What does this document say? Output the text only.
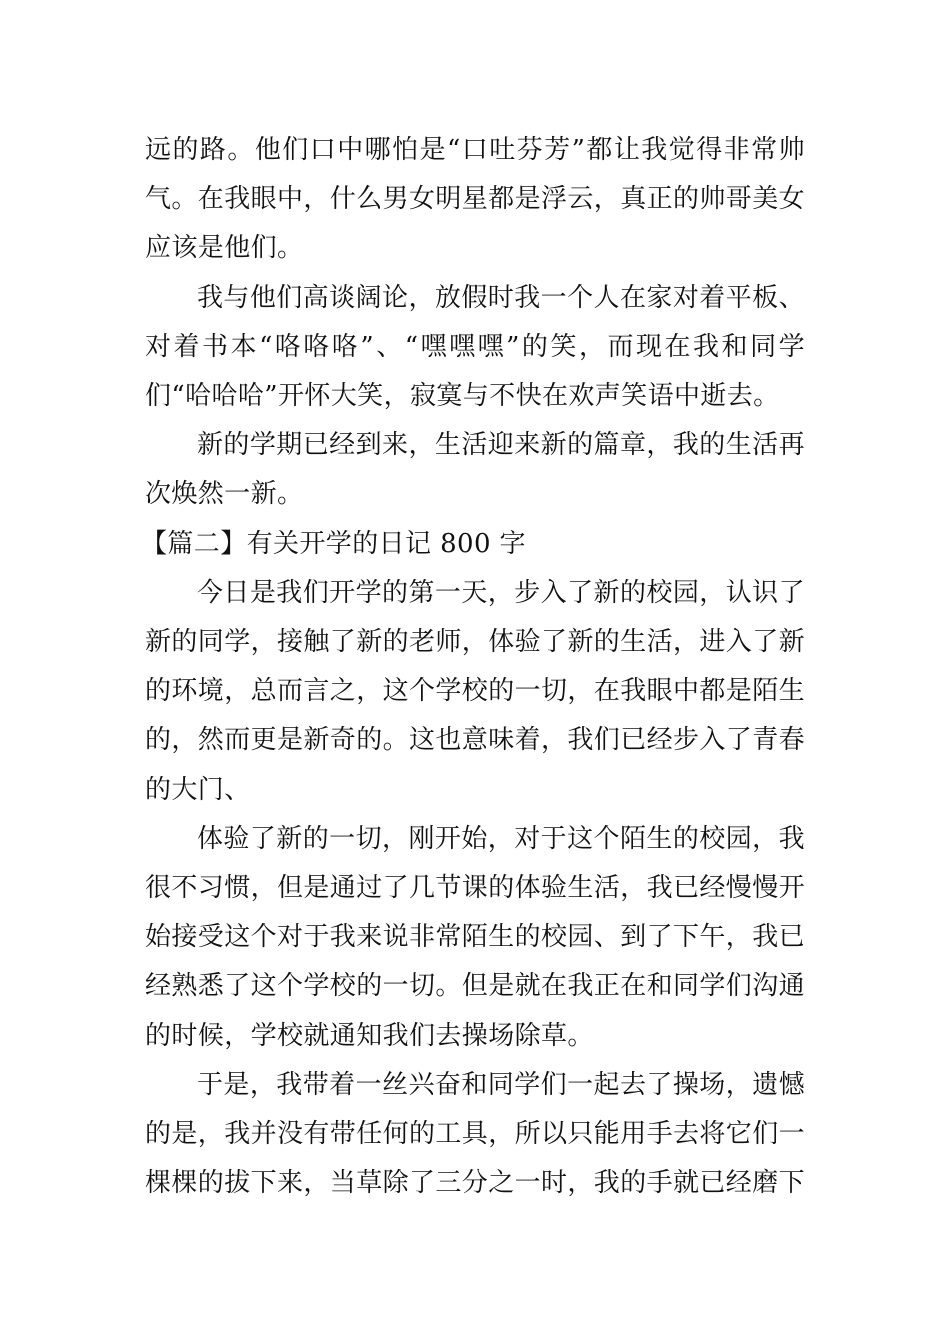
远的路。他们口中哪怕是“口吐芬芳”都让我觉得非常帅气。在我眼中，什么男女明星都是浮云，真正的帅哥美女应该是他们。

我与他们高谈阔论，放假时我一个人在家对着平板、对着书本“咯咯咯”、“嘿嘿嘿”的笑，而现在我和同学们“哈哈哈”开怀大笑，寂寞与不快在欢声笑语中逝去。

新的学期已经到来，生活迎来新的篇章，我的生活再次焕然一新。

【篇二】有关开学的日记 800 字

今日是我们开学的第一天，步入了新的校园，认识了新的同学，接触了新的老师，体验了新的生活，进入了新的环境，总而言之，这个学校的一切，在我眼中都是陌生的，然而更是新奇的。这也意味着，我们已经步入了青春的大门、

体验了新的一切，刚开始，对于这个陌生的校园，我很不习惯，但是通过了几节课的体验生活，我已经慢慢开始接受这个对于我来说非常陌生的校园、到了下午，我已经熟悉了这个学校的一切。但是就在我正在和同学们沟通的时候，学校就通知我们去操场除草。

于是，我带着一丝兴奋和同学们一起去了操场，遗憾的是，我并没有带任何的工具，所以只能用手去将它们一棵棵的拔下来，当草除了三分之一时，我的手就已经磨下
